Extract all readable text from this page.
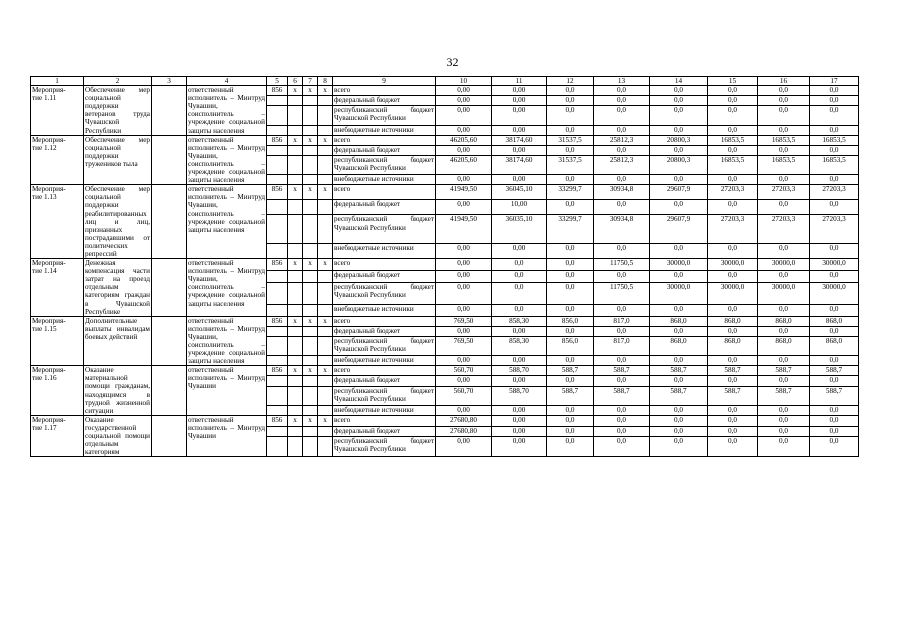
32
1	2	3	4	5	6	7	8	9	10	11	12	13	14	15	16	17
Мероприя-
тие 1.11	Обеспечение мер социальной поддержки ветеранов труда Чувашской Республики		ответственный исполнитель – Минтруд Чувашии, соисполнитель – учреждение социальной защиты населения	856	x	x	x	всего	0,00	0,00	0,0	0,0	0,0	0,0	0,0	0,0
								федеральный бюджет	0,00	0,00	0,0	0,0	0,0	0,0	0,0	0,0
								республиканский бюджет Чувашской Республики	0,00	0,00	0,0	0,0	0,0	0,0	0,0	0,0
								внебюджетные источники	0,00	0,00	0,0	0,0	0,0	0,0	0,0	0,0
Мероприя-
тие 1.12	Обеспечение мер социальной поддержки тружеников тыла		ответственный исполнитель – Минтруд Чувашии, соисполнитель – учреждение социальной защиты населения	856	x	x	x	всего	46205,60	38174,60	31537,5	25812,3	20800,3	16853,5	16853,5	16853,5
								федеральный бюджет	0,00	0,00	0,0	0,0	0,0	0,0	0,0	0,0
								республиканский бюджет Чувашской Республики	46205,60	38174,60	31537,5	25812,3	20800,3	16853,5	16853,5	16853,5
								внебюджетные источники	0,00	0,00	0,0	0,0	0,0	0,0	0,0	0,0
Мероприя-
тие 1.13	Обеспечение мер социальной поддержки реабилитированных лиц и лиц, признанных пострадавшими от политических репрессий		ответственный исполнитель – Минтруд Чувашии, соисполнитель – учреждение социальной защиты населения	856	x	x	x	всего	41949,50	36045,10	33299,7	30934,8	29607,9	27203,3	27203,3	27203,3
								федеральный бюджет	0,00	10,00	0,0	0,0	0,0	0,0	0,0	0,0
								республиканский бюджет Чувашской Республики	41949,50	36035,10	33299,7	30934,8	29607,9	27203,3	27203,3	27203,3
								внебюджетные источники	0,00	0,00	0,0	0,0	0,0	0,0	0,0	0,0
Мероприя-
тие 1.14	Денежная компенсация части затрат на проезд отдельным категориям граждан в Чувашской Республике		ответственный исполнитель – Минтруд Чувашии, соисполнитель – учреждение социальной защиты населения	856	x	x	x	всего	0,00	0,0	0,0	11750,5	30000,0	30000,0	30000,0	30000,0
								федеральный бюджет	0,00	0,0	0,0	0,0	0,0	0,0	0,0	0,0
								республиканский бюджет Чувашской Республики	0,00	0,0	0,0	11750,5	30000,0	30000,0	30000,0	30000,0
								внебюджетные источники	0,00	0,0	0,0	0,0	0,0	0,0	0,0	0,0
Мероприя-
тие 1.15	Дополнительные выплаты инвалидам боевых действий		ответственный исполнитель – Минтруд Чувашии, соисполнитель – учреждение социальной защиты населения	856	x	x	x	всего	769,50	858,30	856,0	817,0	868,0	868,0	868,0	868,0
								федеральный бюджет	0,00	0,00	0,0	0,0	0,0	0,0	0,0	0,0
								республиканский бюджет Чувашской Республики	769,50	858,30	856,0	817,0	868,0	868,0	868,0	868,0
								внебюджетные источники	0,00	0,00	0,0	0,0	0,0	0,0	0,0	0,0
Мероприя-
тие 1.16	Оказание материальной помощи гражданам, находящимся в трудной жизненной ситуации		ответственный исполнитель – Минтруд Чувашии	856	x	x	x	всего	560,70	588,70	588,7	588,7	588,7	588,7	588,7	588,7
								федеральный бюджет	0,00	0,00	0,0	0,0	0,0	0,0	0,0	0,0
								республиканский бюджет Чувашской Республики	560,70	588,70	588,7	588,7	588,7	588,7	588,7	588,7
								внебюджетные источники	0,00	0,00	0,0	0,0	0,0	0,0	0,0	0,0
Мероприя-
тие 1.17	Оказание государственной социальной помощи отдельным категориям		ответственный исполнитель – Минтруд Чувашии	856	x	x	x	всего	27680,80	0,00	0,0	0,0	0,0	0,0	0,0	0,0
								федеральный бюджет	27680,80	0,00	0,0	0,0	0,0	0,0	0,0	0,0
								республиканский бюджет Чувашской Республики	0,00	0,00	0,0	0,0	0,0	0,0	0,0	0,0
